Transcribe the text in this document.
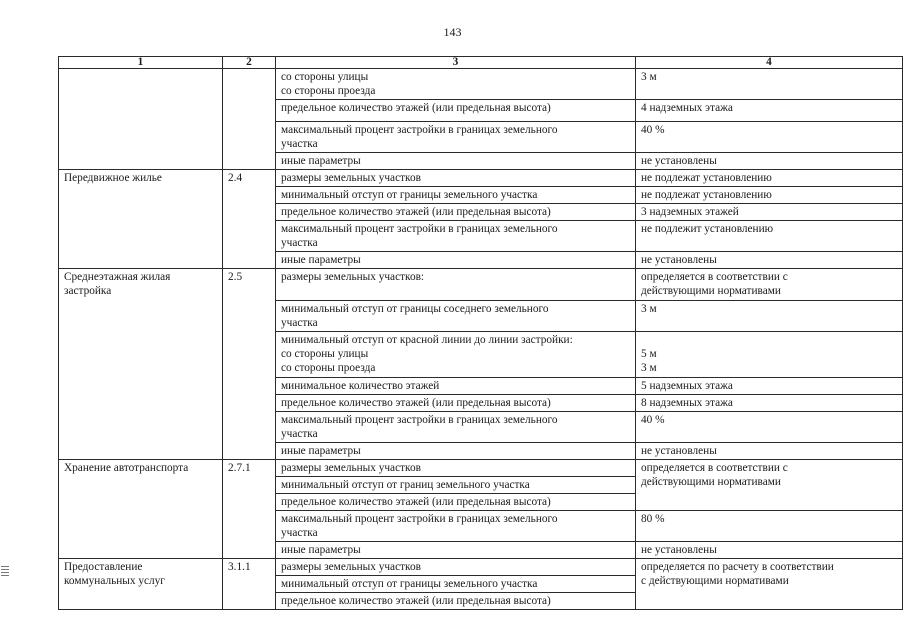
143
1	2	3	4

		со стороны улицы
со стороны проезда	3 м

		предельное количество этажей (или предельная высота)	4 надземных этажа

		максимальный процент застройки в границах земельного
участка	40 %

		иные параметры	не установлены

Передвижное жилье	2.4	размеры земельных участков	не подлежат установлению

		минимальный отступ от границы земельного участка	не подлежат установлению

		предельное количество этажей (или предельная высота)	3 надземных этажей

		максимальный процент застройки в границах земельного
участка	не подлежит установлению

		иные параметры	не установлены

Среднеэтажная жилая
застройка	2.5	размеры земельных участков:	определяется в соответствии с
действующими нормативами

		минимальный отступ от границы соседнего земельного
участка	3 м

		минимальный отступ от красной линии до линии застройки:
со стороны улицы
со стороны проезда	5 м
3 м

		минимальное количество этажей	5 надземных этажа

		предельное количество этажей (или предельная высота)	8 надземных этажа

		максимальный процент застройки в границах земельного
участка	40 %

		иные параметры	не установлены

Хранение автотранспорта	2.7.1	размеры земельных участков	определяется в соответствии с
действующими нормативами

		минимальный отступ от границ земельного участка	

		предельное количество этажей (или предельная высота)	

		максимальный процент застройки в границах земельного
участка	80 %

		иные параметры	не установлены

Предоставление
коммунальных услуг	3.1.1	размеры земельных участков	определяется по расчету в соответствии
с действующими нормативами

		минимальный отступ от границы земельного участка	

		предельное количество этажей (или предельная высота)	
